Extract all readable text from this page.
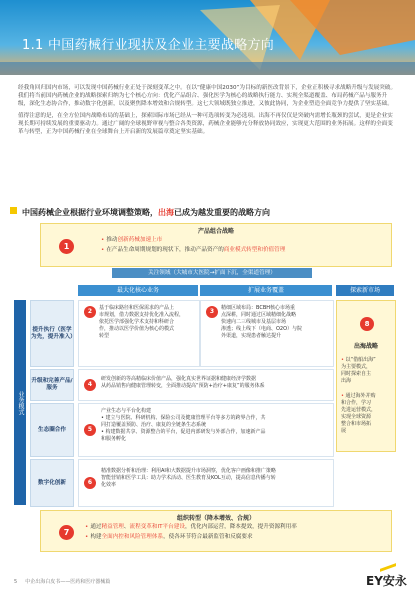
1.1 中国药械行业现状及企业主要战略方向

经我角回归国内市场，可以发现中国药械行业正处于深刻变革之中。在以“健康中国2030”为目标的新医改背景下，企业正积极寻求战略升级与发展突破。我们将当前国内药械企业的战略探索归纳为七个核心方向：优化产品组合、强化医学为核心的战略执行能力、实现全渠道覆盖、布局药械产品与服务升级，深化生态协合作，推动数字化创新，以及聚焦降本增效和合规转型。这七大领域既独立推进，又彼此协同，为企业塑造全面竞争力提供了坚实基础。

值得注意的是，在全方位国内战略布局的基础上，探索国际市场已经从一种可选项转变为必选项。出海不再仅仅是突破内需增长瓶颈的尝试，更是企业实现长期可持续发展的重要驱动力。通过广阔的全球视野审视与整合各类资源，药械企业能够充分释放协同效应，实现更大范围的业务拓展。这样的全面变革与转型，正为中国药械行业在全球舞台上开启新的发展篇章奠定坚实基础。

中国药械企业根据行业环境调整策略，出海已成为越发重要的战略方向
产品组合战略
1
• 推动创新药械加速上市
• 在产品生命周期规划的现状下，推动产品资产的商业模式转型和价值管理
关注领域（大城市大医院→扩面下沉，全渠道管理）
最大化核心业务	扩展业务覆盖	探索新市场
业务模式
提升执行（医学为先，提升准入）
升级和完善产品/服务
生态圈合作
数字化创新
2	基于临床路径和医保需求的产品上
市规划，借力数据支持优化准入流程，
依托医学部强化学术支持和科研合
作，推动以医学价值为核心的模式
转型
3	精细区域布局：BCBH核心市场重
点深耕，同时通过区域精细化战略
快速向二三线城市及基层市场
渗透；线上线下（电商、O2O）与院
外渠道，实现患者触达提升
4
研发创新的等高精临床价值产品，强化真实世界证据和健康经济学数据
从药品销售向健康管理转变，全面推动提高“预防+治疗+康复”的服务体系
5
产业生态与平台化构建
• 建立与医院、科研机构、保险公司及健康管理平台等多方的跨界合作，共
同打造覆盖预防、治疗、康复的全链条生态系统
• 构建数据共享、资源整合的平台，促进内部研发与外部合作，加速新产品
和服务孵化
6
精准数据分析和治理：利用AI和大数据提升市场洞察，优化客户画像和推广策略
智能营销和医学工具：助力学术活动、医生教育及KOL互动，提高信息传播与转
化效率
8
出海战略
• 以“借船出海”
为主要模式，
同时探索自主
出海
• 通过海外并购
和合作，学习
先进运营模式，
实现全球资源
整合和市场拓
展
组织转型（降本增效、合规）
7
• 通过精益管理、流程变革和IT平台建设，优化内部运营，降本提效，提升资源利用率
• 构建全面内控和风险管理体系，使各环节符合最新监管和反腐要求
5 中企出海白皮书——医药和医疗器械篇	EY安永
